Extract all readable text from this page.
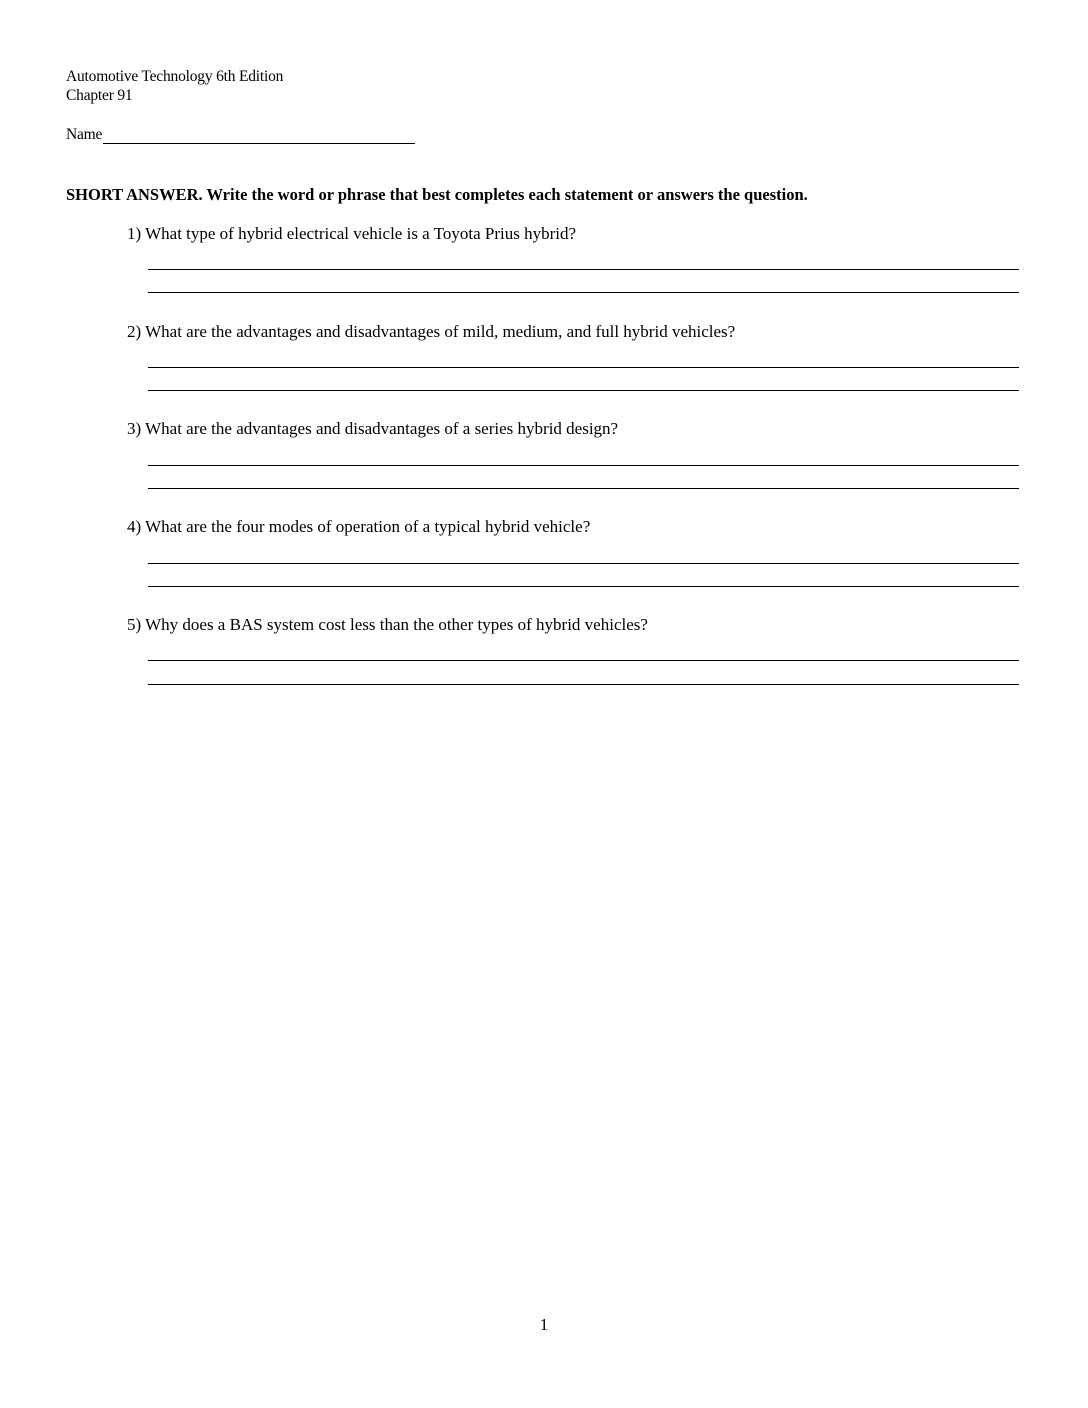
Automotive Technology 6th Edition
Chapter 91
Name
SHORT ANSWER. Write the word or phrase that best completes each statement or answers the question.
1) What type of hybrid electrical vehicle is a Toyota Prius hybrid?
2) What are the advantages and disadvantages of mild, medium, and full hybrid vehicles?
3) What are the advantages and disadvantages of a series hybrid design?
4) What are the four modes of operation of a typical hybrid vehicle?
5) Why does a BAS system cost less than the other types of hybrid vehicles?
1
